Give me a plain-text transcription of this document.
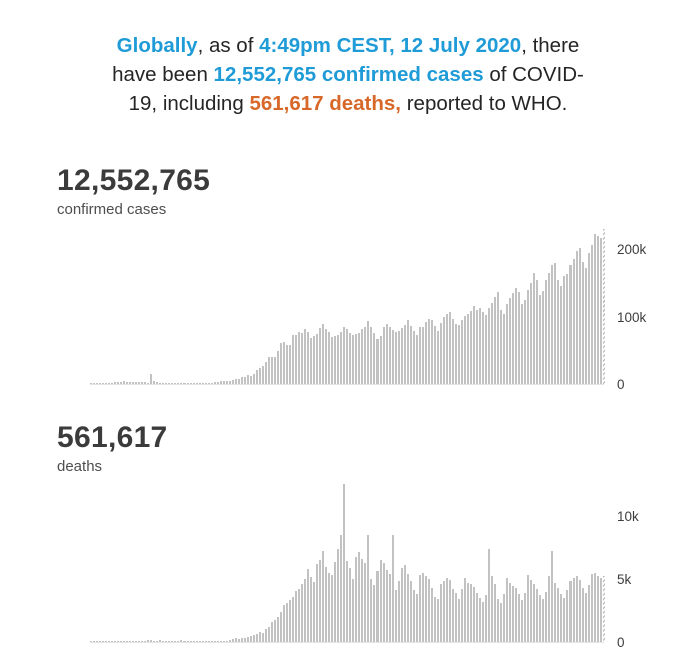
Globally, as of 4:49pm CEST, 12 July 2020, there
have been 12,552,765 confirmed cases of COVID-
19, including 561,617 deaths, reported to WHO.

12,552,765
confirmed cases
0
100k
200k
561,617
deaths
0
5k
10k
